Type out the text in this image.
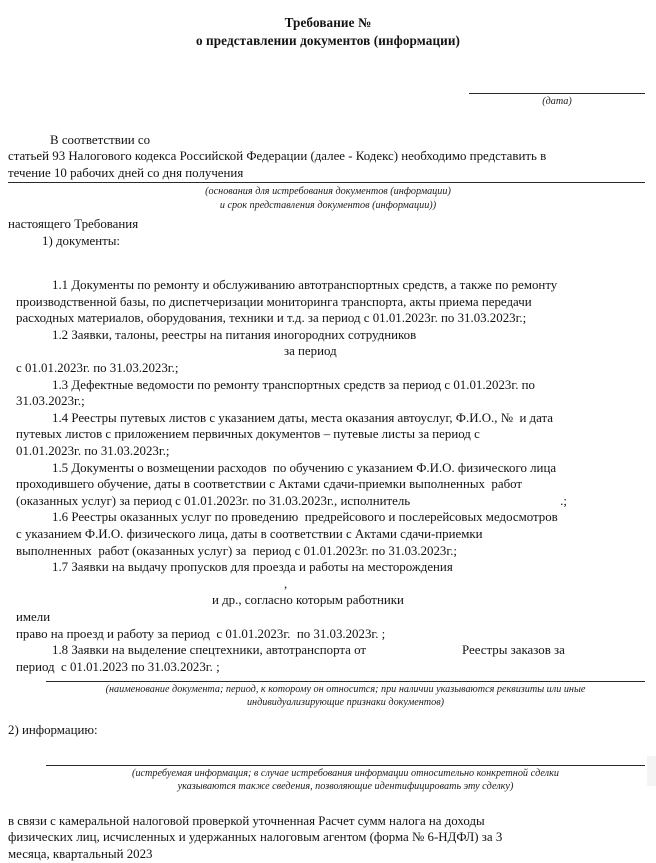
Требование №
о представлении документов (информации)
(дата)
В соответствии со
статьей 93 Налогового кодекса Российской Федерации (далее - Кодекс) необходимо представить в
течение 10 рабочих дней со дня получения
(основания для истребования документов (информации)
и срок представления документов (информации))
настоящего Требования
1) документы:
1.1 Документы по ремонту и обслуживанию автотранспортных средств, а также по ремонту
производственной базы, по диспетчеризации мониторинга транспорта, акты приема передачи
расходных материалов, оборудования, техники и т.д. за период с 01.01.2023г. по 31.03.2023г.;
1.2 Заявки, талоны, реестры на питания иногородних сотрудниковза период
с 01.01.2023г. по 31.03.2023г.;
1.3 Дефектные ведомости по ремонту транспортных средств за период с 01.01.2023г. по
31.03.2023г.;
1.4 Реестры путевых листов с указанием даты, места оказания автоуслуг, Ф.И.О., №  и дата
путевых листов с приложением первичных документов – путевые листы за период с
01.01.2023г. по 31.03.2023г.;
1.5 Документы о возмещении расходов  по обучению с указанием Ф.И.О. физического лица
проходившего обучение, даты в соответствии с Актами сдачи-приемки выполненных  работ
(оказанных услуг) за период с 01.01.2023г. по 31.03.2023г., исполнитель	.;
1.6 Реестры оказанных услуг по проведению  предрейсового и послерейсовых медосмотров
с указанием Ф.И.О. физического лица, даты в соответствии с Актами сдачи-приемки
выполненных  работ (оказанных услуг) за  период с 01.01.2023г. по 31.03.2023г.;
1.7 Заявки на выдачу пропусков для проезда и работы на месторождения,
и др., согласно которым работникиимели
право на проезд и работу за период  с 01.01.2023г.  по 31.03.2023г. ;
1.8 Заявки на выделение спецтехники, автотранспорта от	Реестры заказов за
период  с 01.01.2023 по 31.03.2023г. ;
(наименование документа; период, к которому он относится; при наличии указываются реквизиты или иные
индивидуализирующие признаки документов)
2) информацию:
(истребуемая информация; в случае истребования информации относительно конкретной сделки
указываются также сведения, позволяющие идентифицировать эту сделку)
в связи с камеральной налоговой проверкой уточненная Расчет сумм налога на доходы
физических лиц, исчисленных и удержанных налоговым агентом (форма № 6-НДФЛ) за 3
месяца, квартальный 2023
